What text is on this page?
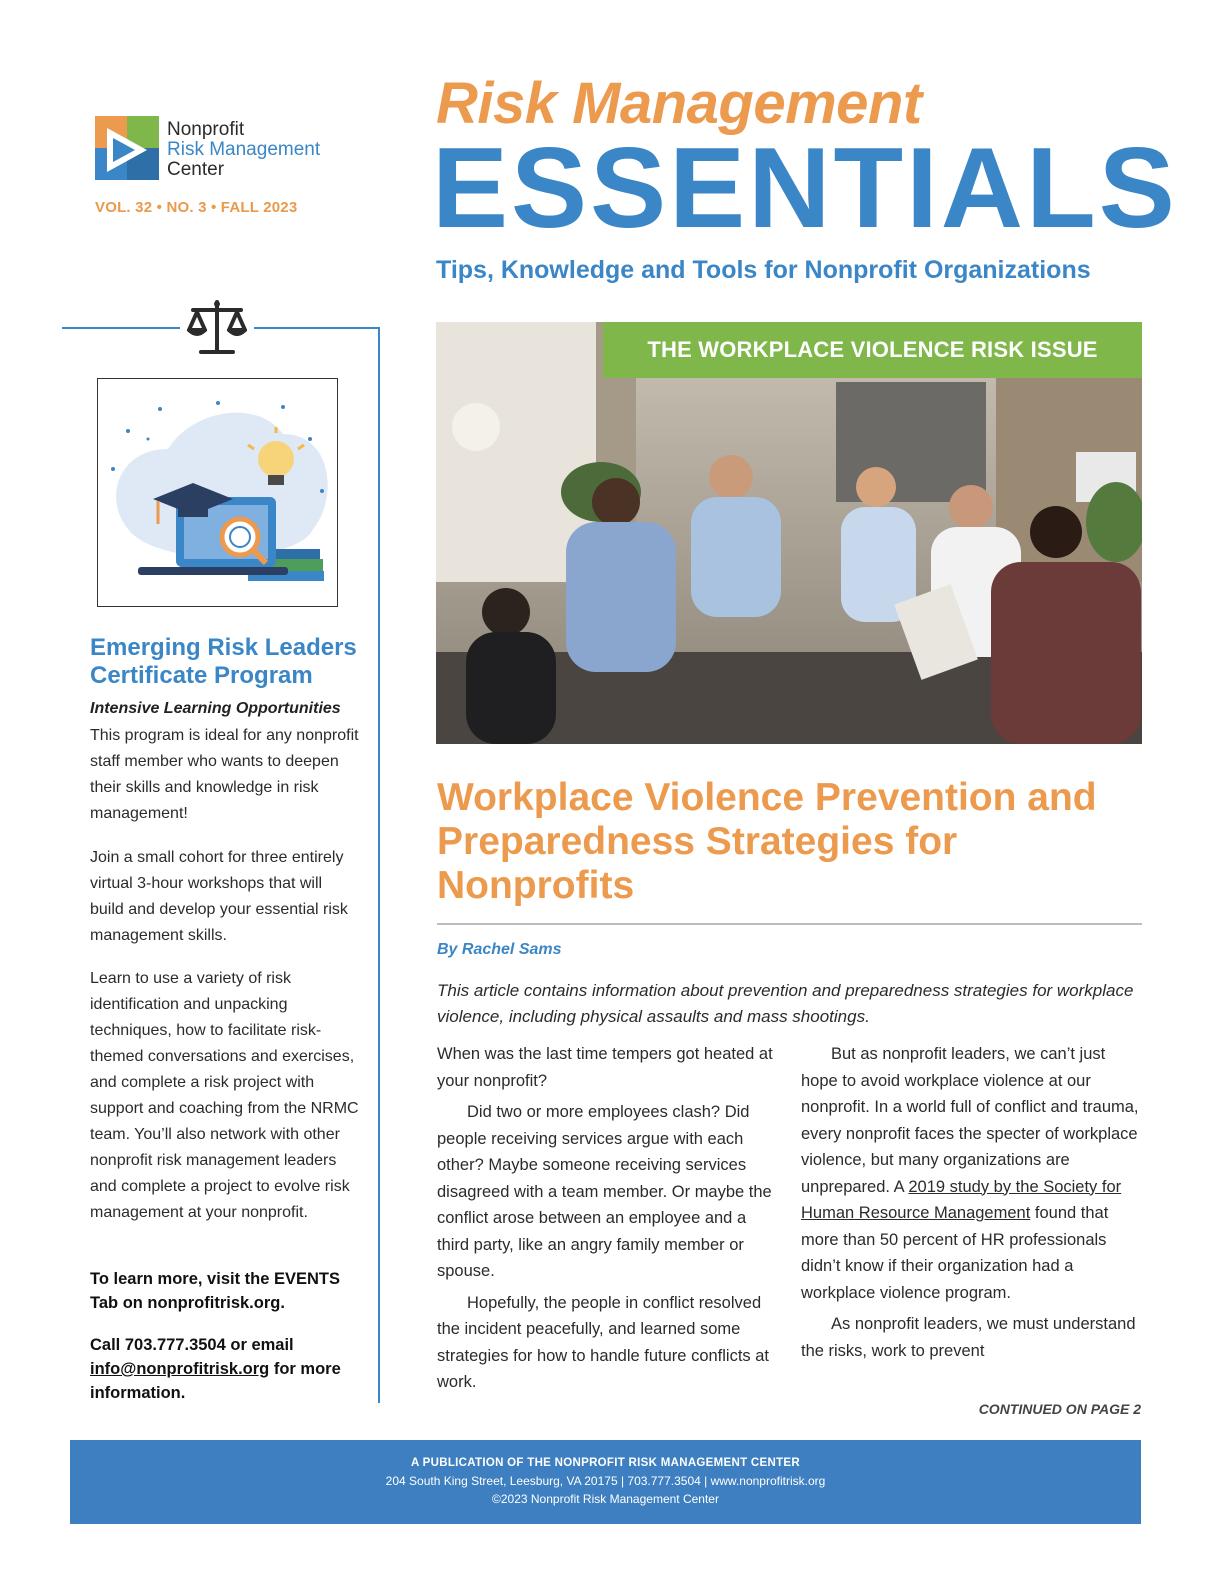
Nonprofit
Risk Management
Center
VOL. 32 • NO. 3 • FALL 2023
Risk Management
ESSENTIALS
Tips, Knowledge and Tools for Nonprofit Organizations
Emerging Risk Leaders Certificate Program
Intensive Learning Opportunities
This program is ideal for any nonprofit staff member who wants to deepen their skills and knowledge in risk management!
Join a small cohort for three entirely virtual 3-hour workshops that will build and develop your essential risk management skills.
Learn to use a variety of risk identification and unpacking techniques, how to facilitate risk-themed conversations and exercises, and complete a risk project with support and coaching from the NRMC team. You’ll also network with other nonprofit risk management leaders and complete a project to evolve risk management at your nonprofit.
To learn more, visit the EVENTS Tab on nonprofitrisk.org.
Call 703.777.3504 or email info@nonprofitrisk.org for more information.
THE WORKPLACE VIOLENCE RISK ISSUE
Workplace Violence Prevention and Preparedness Strategies for Nonprofits
By Rachel Sams
This article contains information about prevention and preparedness strategies for workplace violence, including physical assaults and mass shootings.

When was the last time tempers got heated at your nonprofit?

Did two or more employees clash? Did people receiving services argue with each other? Maybe someone receiving services disagreed with a team member. Or maybe the conflict arose between an employee and a third party, like an angry family member or spouse.

Hopefully, the people in conflict resolved the incident peacefully, and learned some strategies for how to handle future conflicts at work.

But as nonprofit leaders, we can’t just hope to avoid workplace violence at our nonprofit. In a world full of conflict and trauma, every nonprofit faces the specter of workplace violence, but many organizations are unprepared. A 2019 study by the Society for Human Resource Management found that more than 50 percent of HR professionals didn’t know if their organization had a workplace violence program.

As nonprofit leaders, we must understand the risks, work to prevent

CONTINUED ON PAGE 2
A PUBLICATION OF THE NONPROFIT RISK MANAGEMENT CENTER
204 South King Street, Leesburg, VA 20175 | 703.777.3504 | www.nonprofitrisk.org
©2023 Nonprofit Risk Management Center
